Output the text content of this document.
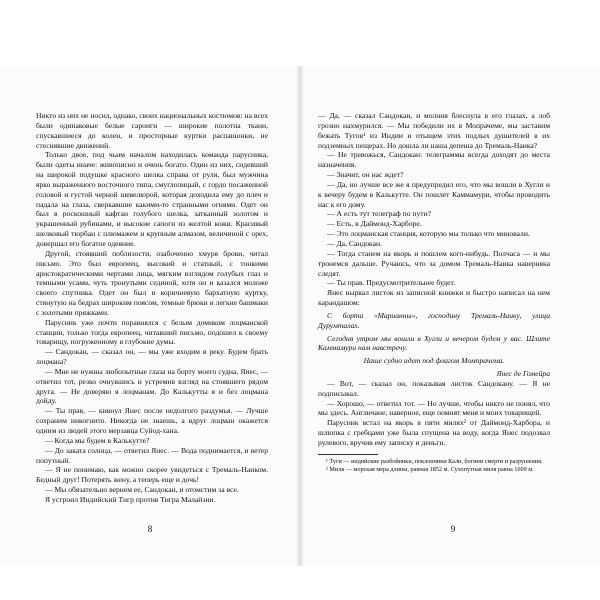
Никто из них не носил, однако, своих национальных костюмов: на всех были одинаковые белые сароиги — широкие полотна ткани, спускавшиеся до колен, и просторные куртки распашонки, не стеснявшие движений.

Только двое, под чьим началом находилась команда парусника, были одеты иначе: живописно и очень богато. Один из них, сидевший на широкой подушке красного шелка справа от руля, был мужчина ярко выраженного восточного типа, смуглолицый, с гордо посаженной головой и густой черной шевелюрой, которая доходила ему до плеч и падала на глаза, сверкавшие какими-то странными огнями. Одет он был в роскошный кафтан голубого шелка, затканный золотом и украшенный рубинами, и высокие сапоги из желтой кожи. Красивый шелковый тюрбан с плюмажем и крупным алмазом, величиной с орех, довершал его богатое одеяние.

Другой, стоявший поблизости, озабоченно хмуря брови, читал письмо. Это был европеец, высокий и статный, с тонкими аристократическими чертами лица, мягким взглядом голубых глаз и темными усами, чуть тронутыми сединой, хотя он и казался моложе своего спутника. Одет он был в коричневую бархатную куртку, стянутую на бедрах широким поясом, темные брюки и легкие башмаки с золотыми пряжками.

Парусник уже почти поравнялся с белым домиком лоцманской станции, только тогда европеец, читавший письмо, подошел к своему товарищу, погруженному в глубокие думы.

— Сандокан, — сказал он, — мы уже входим в реку. Будем брать лоцмана?

— Мне не нужны любопытные глаза на борту моего судна, Янес, — ответил тот, резко очнувшись и устремив взгляд на стоявшего рядом друга. — Не доверяю я лоцманам. До Калькутты я и без лоцмана дойду.

— Ты прав, — кивнул Янес после недолгого раздумья. — Лучше сохраним инкогнито. Никогда не знаешь, а вдруг лоцман окажется одним из людей этого мерзавца Суйод-хана.

— Когда мы будем в Калькутте?

— До заката солнца, — ответил Янес. — Вода поднимается, и ветер попутный.

— Я не понимаю, как можно скорее увидеться с Тремаль-Наиком. Бедный друг! Потерять жену, а теперь еще и дочь!

— Мы обязательно вернем ее, Сандокан, и отомстим за все.

Я устроил Индийский Тигр против Тигра Малайзии.

8

— Да, — сказал Сандокан, и молния блеснула в его глазах, а лоб грозно нахмурился. — Мы победили их в Мопрачеме, мы заставим бежать Тугов¹ из Индии и отыщем этих подлых душителей в их подземных пещерах. Но дошла ли наша депеша до Тремаль-Наика?

— Не тревожься, Сандокан: телеграммы всегда доходят до места назначения.

— Значит, он нас ждет?

— Да, но лучше все же я предупредил его, что мы вошли в Хугли и к вечеру будем в Калькутте. Он пошлет Каммамури, чтобы проводить нас к его дому.

— А есть тут телеграф по пути?

— Есть, в Даймонд-Харборе.

— Это лоцманская станция, которую мы только что миновали.

— Да, Сандокан.

— Тогда станем на якорь и пошлем кого-нибудь. Полчаса — и мы тронемся дальше. Ручаюсь, что за домом Тремаль-Наика наверняка следят.

— Ты прав. Предусмотрительнее будет.

Янес вырвал листок из записной книжки и быстро написал на нем карандашом:

С борта «Марианны», господину Тремаль-Наику, улица Дурумталах.

Сегодня утром мы вошли в Хугли и вечером будем у вас. Шлите Каммамури нам навстречу.

Наше судно идет под флагом Момпрачема.

Янес де Гомейра

— Вот, — сказал он, показывая листок Сандокану. — Я не подписывал.

— Хорошо, — ответил тот. — Но лучше, чтобы никто не понял, что мы здесь. Англичане, наверное, еще помнят меня и моих товарищей.

Парусник встал на якорь в пяти милях² от Даймонд-Харбора, и шлюпка с гребцами уже была спущена на воду, когда Янес подозвал рулевого, вручив ему записку и деньги.

¹ Туги — индийские разбойники, поклонники Кали, богини смерти и разрушения.

² Миля — морская мера длины, равная 1852 м. Сухопутная миля равна 1609 м.

9
